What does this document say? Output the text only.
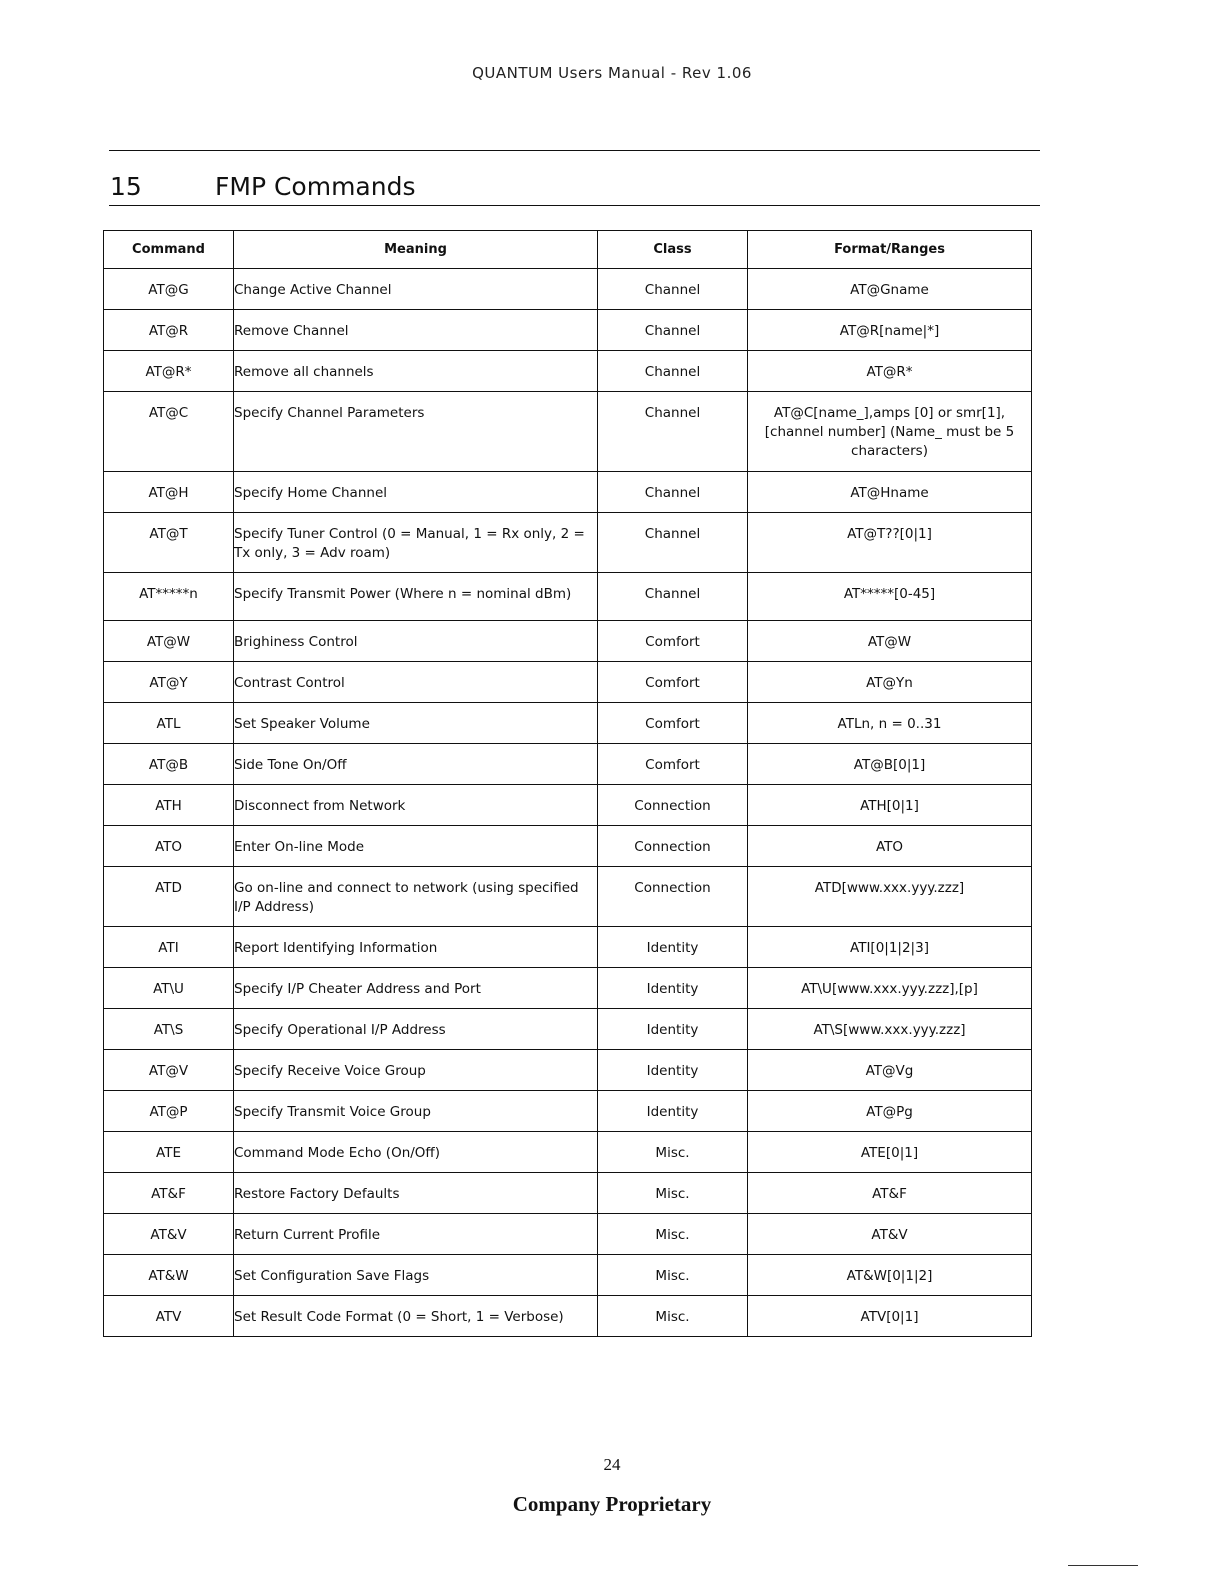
QUANTUM Users Manual - Rev 1.06
15	FMP Commands
Command	Meaning	Class	Format/Ranges
AT@G	Change Active Channel	Channel	AT@Gname
AT@R	Remove Channel	Channel	AT@R[name|*]
AT@R*	Remove all channels	Channel	AT@R*
AT@C	Specify Channel Parameters	Channel	AT@C[name_],amps [0] or smr[1],[channel number] (Name_ must be 5 characters)
AT@H	Specify Home Channel	Channel	AT@Hname
AT@T	Specify Tuner Control (0 = Manual, 1 = Rx only, 2 = Tx only, 3 = Adv roam)	Channel	AT@T??[0|1]
AT*****n	Specify Transmit Power (Where n = nominal dBm)	Channel	AT*****[0-45]
AT@W	Brighiness Control	Comfort	AT@W
AT@Y	Contrast Control	Comfort	AT@Yn
ATL	Set Speaker Volume	Comfort	ATLn, n = 0..31
AT@B	Side Tone On/Off	Comfort	AT@B[0|1]
ATH	Disconnect from Network	Connection	ATH[0|1]
ATO	Enter On-line Mode	Connection	ATO
ATD	Go on-line and connect to network (using specified I/P Address)	Connection	ATD[www.xxx.yyy.zzz]
ATI	Report Identifying Information	Identity	ATI[0|1|2|3]
AT\U	Specify I/P Cheater Address and Port	Identity	AT\U[www.xxx.yyy.zzz],[p]
AT\S	Specify Operational I/P Address	Identity	AT\S[www.xxx.yyy.zzz]
AT@V	Specify Receive Voice Group	Identity	AT@Vg
AT@P	Specify Transmit Voice Group	Identity	AT@Pg
ATE	Command Mode Echo (On/Off)	Misc.	ATE[0|1]
AT&F	Restore Factory Defaults	Misc.	AT&F
AT&V	Return Current Profile	Misc.	AT&V
AT&W	Set Configuration Save Flags	Misc.	AT&W[0|1|2]
ATV	Set Result Code Format (0 = Short, 1 = Verbose)	Misc.	ATV[0|1]
24
Company Proprietary
